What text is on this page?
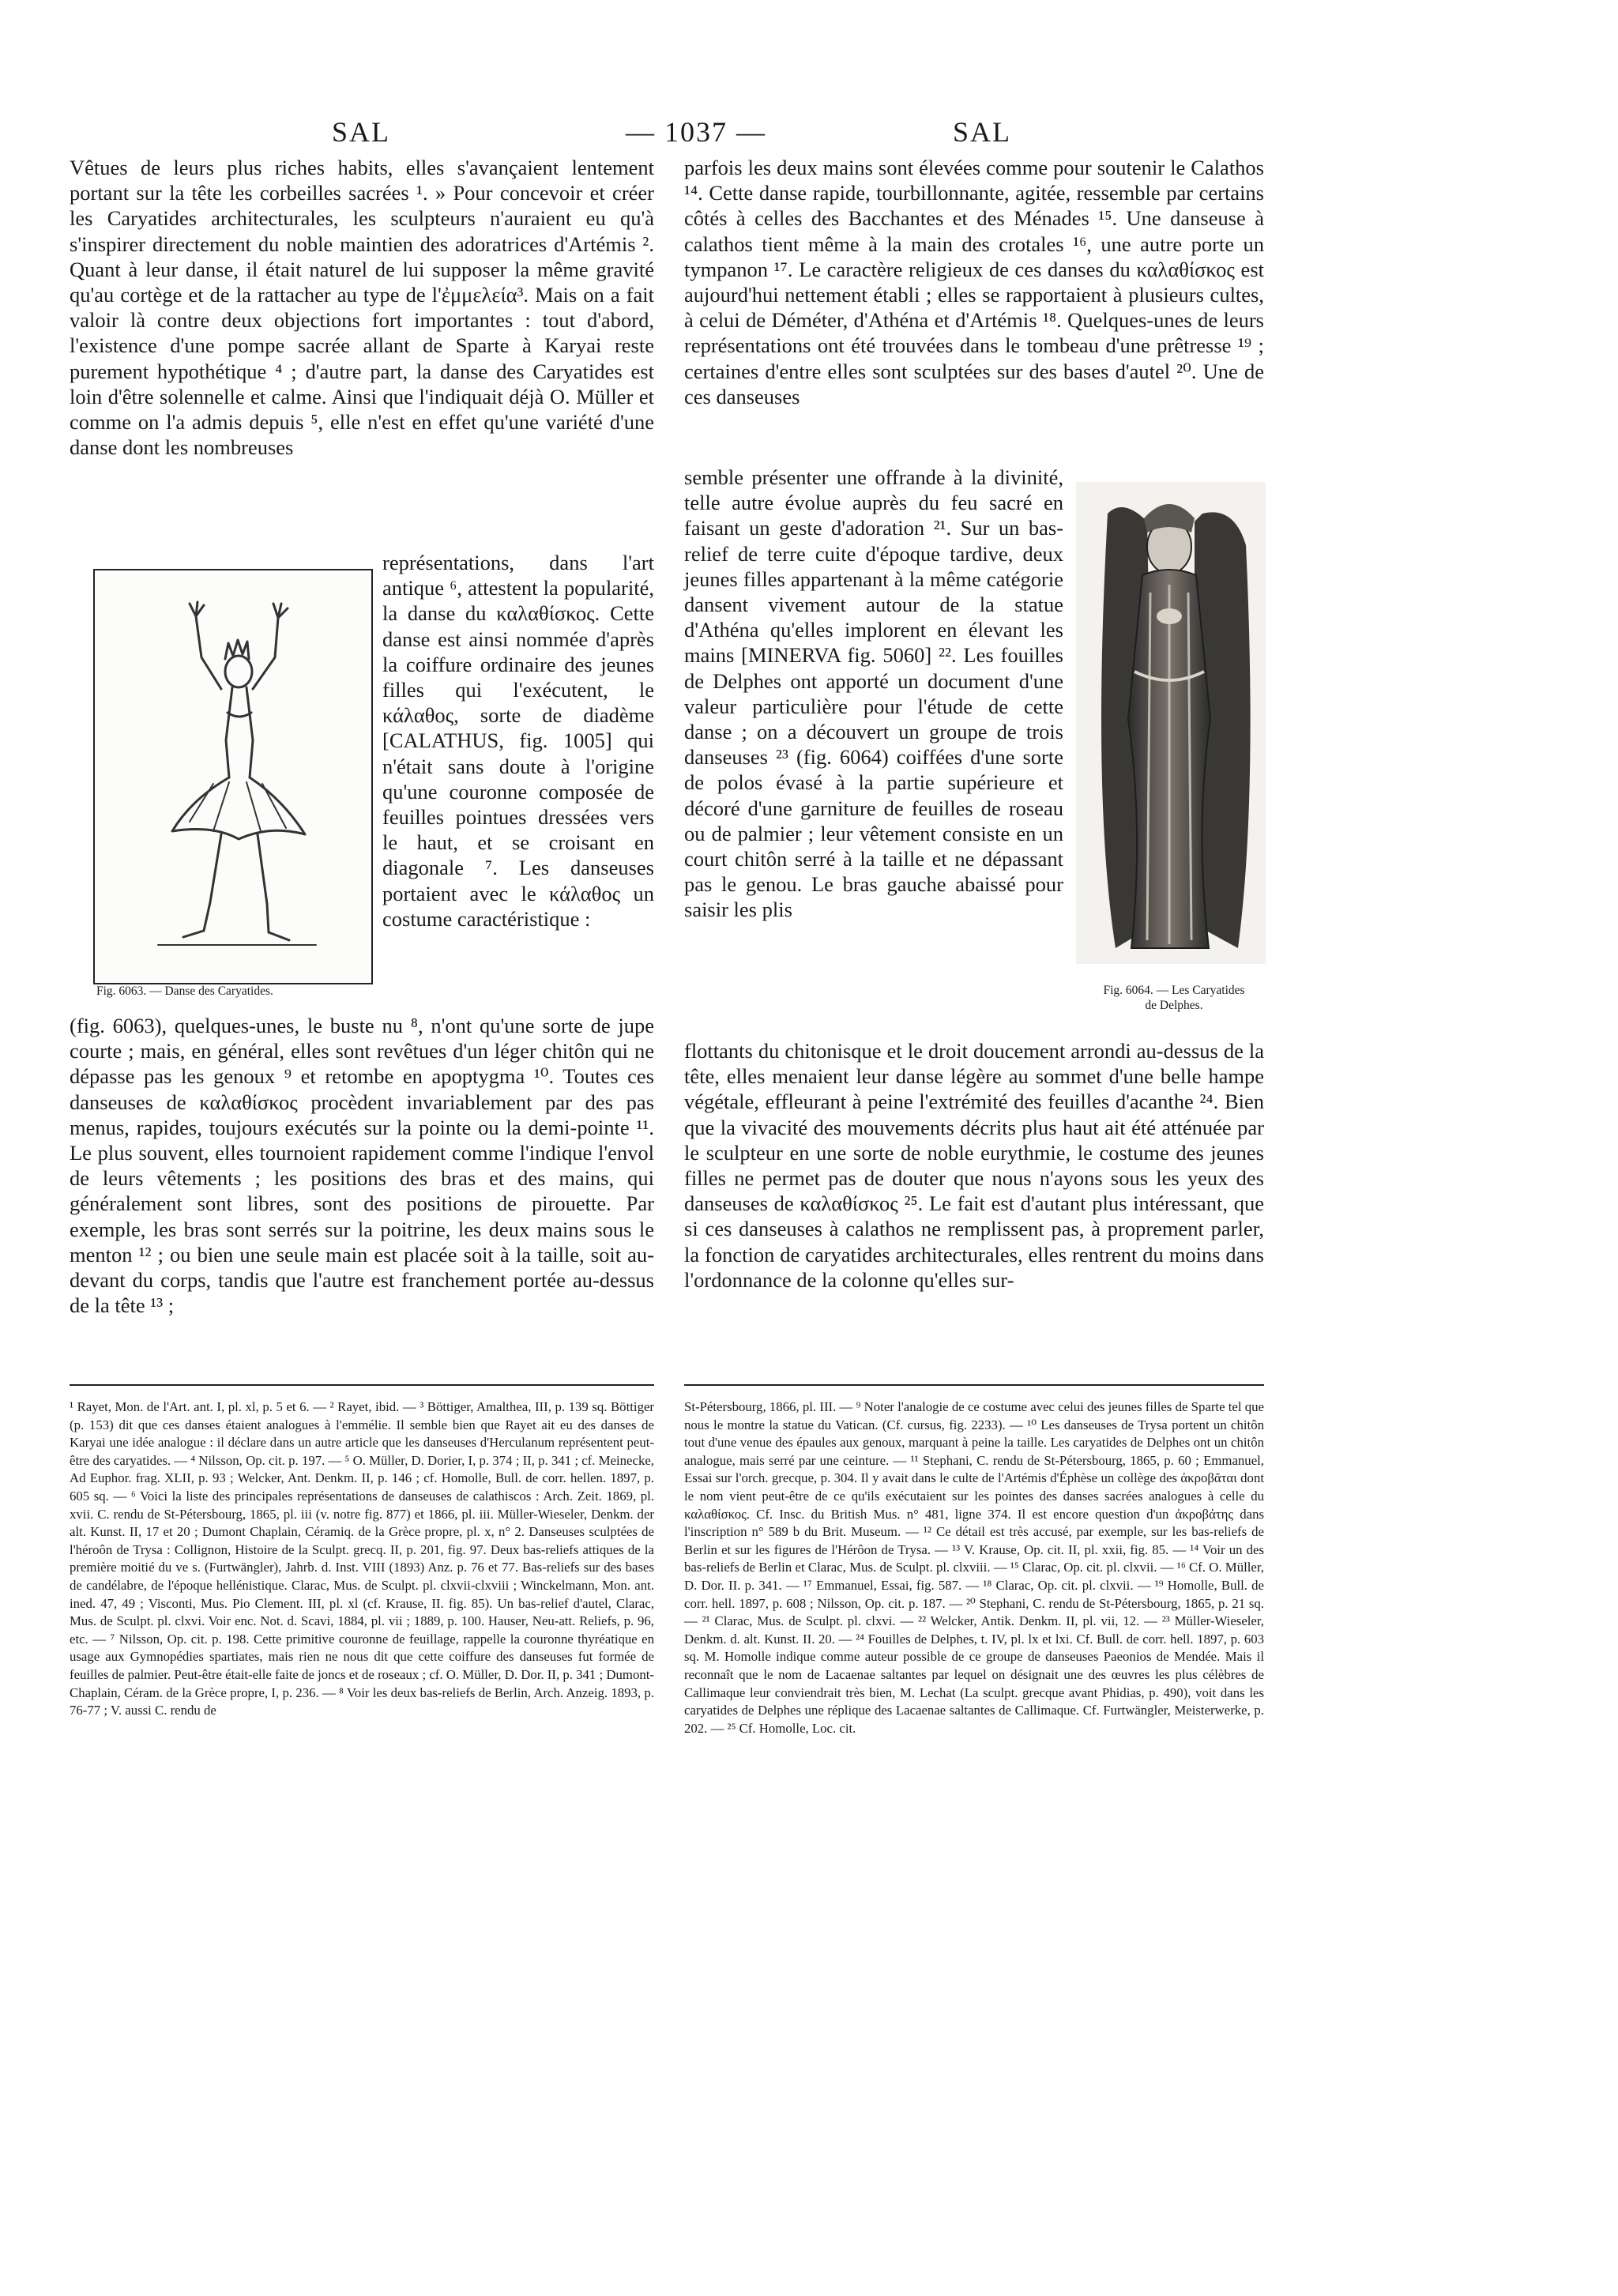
SAL	— 1037 —	SAL

Vêtues de leurs plus riches habits, elles s'avançaient lentement portant sur la tête les corbeilles sacrées ¹. » Pour concevoir et créer les Caryatides architecturales, les sculpteurs n'auraient eu qu'à s'inspirer directement du noble maintien des adoratrices d'Artémis ². Quant à leur danse, il était naturel de lui supposer la même gravité qu'au cortège et de la rattacher au type de l'ἐμμελεία³. Mais on a fait valoir là contre deux objections fort importantes : tout d'abord, l'existence d'une pompe sacrée allant de Sparte à Karyai reste purement hypothétique ⁴ ; d'autre part, la danse des Caryatides est loin d'être solennelle et calme. Ainsi que l'indiquait déjà O. Müller et comme on l'a admis depuis ⁵, elle n'est en effet qu'une variété d'une danse dont les nombreuses

Fig. 6063. — Danse des Caryatides.
représentations, dans l'art antique ⁶, attestent la popularité, la danse du καλαθίσκος. Cette danse est ainsi nommée d'après la coiffure ordinaire des jeunes filles qui l'exécutent, le κάλαθος, sorte de diadème [CALATHUS, fig. 1005] qui n'était sans doute à l'origine qu'une couronne composée de feuilles pointues dressées vers le haut, et se croisant en diagonale ⁷. Les danseuses portaient avec le κάλαθος un costume caractéristique :

(fig. 6063), quelques-unes, le buste nu ⁸, n'ont qu'une sorte de jupe courte ; mais, en général, elles sont revêtues d'un léger chitôn qui ne dépasse pas les genoux ⁹ et retombe en apoptygma ¹⁰. Toutes ces danseuses de καλαθίσκος procèdent invariablement par des pas menus, rapides, toujours exécutés sur la pointe ou la demi-pointe ¹¹. Le plus souvent, elles tournoient rapidement comme l'indique l'envol de leurs vêtements ; les positions des bras et des mains, qui généralement sont libres, sont des positions de pirouette. Par exemple, les bras sont serrés sur la poitrine, les deux mains sous le menton ¹² ; ou bien une seule main est placée soit à la taille, soit au-devant du corps, tandis que l'autre est franchement portée au-dessus de la tête ¹³ ;

parfois les deux mains sont élevées comme pour soutenir le Calathos ¹⁴. Cette danse rapide, tourbillonnante, agitée, ressemble par certains côtés à celles des Bacchantes et des Ménades ¹⁵. Une danseuse à calathos tient même à la main des crotales ¹⁶, une autre porte un tympanon ¹⁷. Le caractère religieux de ces danses du καλαθίσκος est aujourd'hui nettement établi ; elles se rapportaient à plusieurs cultes, à celui de Déméter, d'Athéna et d'Artémis ¹⁸. Quelques-unes de leurs représentations ont été trouvées dans le tombeau d'une prêtresse ¹⁹ ; certaines d'entre elles sont sculptées sur des bases d'autel ²⁰. Une de ces danseuses

semble présenter une offrande à la divinité, telle autre évolue auprès du feu sacré en faisant un geste d'adoration ²¹. Sur un bas-relief de terre cuite d'époque tardive, deux jeunes filles appartenant à la même catégorie dansent vivement autour de la statue d'Athéna qu'elles implorent en élevant les mains [MINERVA fig. 5060] ²². Les fouilles de Delphes ont apporté un document d'une valeur particulière pour l'étude de cette danse ; on a découvert un groupe de trois danseuses ²³ (fig. 6064) coiffées d'une sorte de polos évasé à la partie supérieure et décoré d'une garniture de feuilles de roseau ou de palmier ; leur vêtement consiste en un court chitôn serré à la taille et ne dépassant pas le genou. Le bras gauche abaissé pour saisir les plis
Fig. 6064. — Les Caryatides
de Delphes.

flottants du chitonisque et le droit doucement arrondi au-dessus de la tête, elles menaient leur danse légère au sommet d'une belle hampe végétale, effleurant à peine l'extrémité des feuilles d'acanthe ²⁴. Bien que la vivacité des mouvements décrits plus haut ait été atténuée par le sculpteur en une sorte de noble eurythmie, le costume des jeunes filles ne permet pas de douter que nous n'ayons sous les yeux des danseuses de καλαθίσκος ²⁵. Le fait est d'autant plus intéressant, que si ces danseuses à calathos ne remplissent pas, à proprement parler, la fonction de caryatides architecturales, elles rentrent du moins dans l'ordonnance de la colonne qu'elles sur-

¹ Rayet, Mon. de l'Art. ant. I, pl. xl, p. 5 et 6. — ² Rayet, ibid. — ³ Böttiger, Amalthea, III, p. 139 sq. Böttiger (p. 153) dit que ces danses étaient analogues à l'emmélie. Il semble bien que Rayet ait eu des danses de Karyai une idée analogue : il déclare dans un autre article que les danseuses d'Herculanum représentent peut-être des caryatides. — ⁴ Nilsson, Op. cit. p. 197. — ⁵ O. Müller, D. Dorier, I, p. 374 ; II, p. 341 ; cf. Meinecke, Ad Euphor. frag. XLII, p. 93 ; Welcker, Ant. Denkm. II, p. 146 ; cf. Homolle, Bull. de corr. hellen. 1897, p. 605 sq. — ⁶ Voici la liste des principales représentations de danseuses de calathiscos : Arch. Zeit. 1869, pl. xvii. C. rendu de St-Pétersbourg, 1865, pl. iii (v. notre fig. 877) et 1866, pl. iii. Müller-Wieseler, Denkm. der alt. Kunst. II, 17 et 20 ; Dumont Chaplain, Céramiq. de la Grèce propre, pl. x, n° 2. Danseuses sculptées de l'héroôn de Trysa : Collignon, Histoire de la Sculpt. grecq. II, p. 201, fig. 97. Deux bas-reliefs attiques de la première moitié du ve s. (Furtwängler), Jahrb. d. Inst. VIII (1893) Anz. p. 76 et 77. Bas-reliefs sur des bases de candélabre, de l'époque hellénistique. Clarac, Mus. de Sculpt. pl. clxvii-clxviii ; Winckelmann, Mon. ant. ined. 47, 49 ; Visconti, Mus. Pio Clement. III, pl. xl (cf. Krause, II. fig. 85). Un bas-relief d'autel, Clarac, Mus. de Sculpt. pl. clxvi. Voir enc. Not. d. Scavi, 1884, pl. vii ; 1889, p. 100. Hauser, Neu-att. Reliefs, p. 96, etc. — ⁷ Nilsson, Op. cit. p. 198. Cette primitive couronne de feuillage, rappelle la couronne thyréatique en usage aux Gymnopédies spartiates, mais rien ne nous dit que cette coiffure des danseuses fut formée de feuilles de palmier. Peut-être était-elle faite de joncs et de roseaux ; cf. O. Müller, D. Dor. II, p. 341 ; Dumont-Chaplain, Céram. de la Grèce propre, I, p. 236. — ⁸ Voir les deux bas-reliefs de Berlin, Arch. Anzeig. 1893, p. 76-77 ; V. aussi C. rendu de

St-Pétersbourg, 1866, pl. III. — ⁹ Noter l'analogie de ce costume avec celui des jeunes filles de Sparte tel que nous le montre la statue du Vatican. (Cf. cursus, fig. 2233). — ¹⁰ Les danseuses de Trysa portent un chitôn tout d'une venue des épaules aux genoux, marquant à peine la taille. Les caryatides de Delphes ont un chitôn analogue, mais serré par une ceinture. — ¹¹ Stephani, C. rendu de St-Pétersbourg, 1865, p. 60 ; Emmanuel, Essai sur l'orch. grecque, p. 304. Il y avait dans le culte de l'Artémis d'Éphèse un collège des ἀκροβᾶται dont le nom vient peut-être de ce qu'ils exécutaient sur les pointes des danses sacrées analogues à celle du καλαθίσκος. Cf. Insc. du British Mus. n° 481, ligne 374. Il est encore question d'un ἀκροβάτης dans l'inscription n° 589 b du Brit. Museum. — ¹² Ce détail est très accusé, par exemple, sur les bas-reliefs de Berlin et sur les figures de l'Hérôon de Trysa. — ¹³ V. Krause, Op. cit. II, pl. xxii, fig. 85. — ¹⁴ Voir un des bas-reliefs de Berlin et Clarac, Mus. de Sculpt. pl. clxviii. — ¹⁵ Clarac, Op. cit. pl. clxvii. — ¹⁶ Cf. O. Müller, D. Dor. II. p. 341. — ¹⁷ Emmanuel, Essai, fig. 587. — ¹⁸ Clarac, Op. cit. pl. clxvii. — ¹⁹ Homolle, Bull. de corr. hell. 1897, p. 608 ; Nilsson, Op. cit. p. 187. — ²⁰ Stephani, C. rendu de St-Pétersbourg, 1865, p. 21 sq. — ²¹ Clarac, Mus. de Sculpt. pl. clxvi. — ²² Welcker, Antik. Denkm. II, pl. vii, 12. — ²³ Müller-Wieseler, Denkm. d. alt. Kunst. II. 20. — ²⁴ Fouilles de Delphes, t. IV, pl. lx et lxi. Cf. Bull. de corr. hell. 1897, p. 603 sq. M. Homolle indique comme auteur possible de ce groupe de danseuses Paeonios de Mendée. Mais il reconnaît que le nom de Lacaenae saltantes par lequel on désignait une des œuvres les plus célèbres de Callimaque leur conviendrait très bien, M. Lechat (La sculpt. grecque avant Phidias, p. 490), voit dans les caryatides de Delphes une réplique des Lacaenae saltantes de Callimaque. Cf. Furtwängler, Meisterwerke, p. 202. — ²⁵ Cf. Homolle, Loc. cit.
